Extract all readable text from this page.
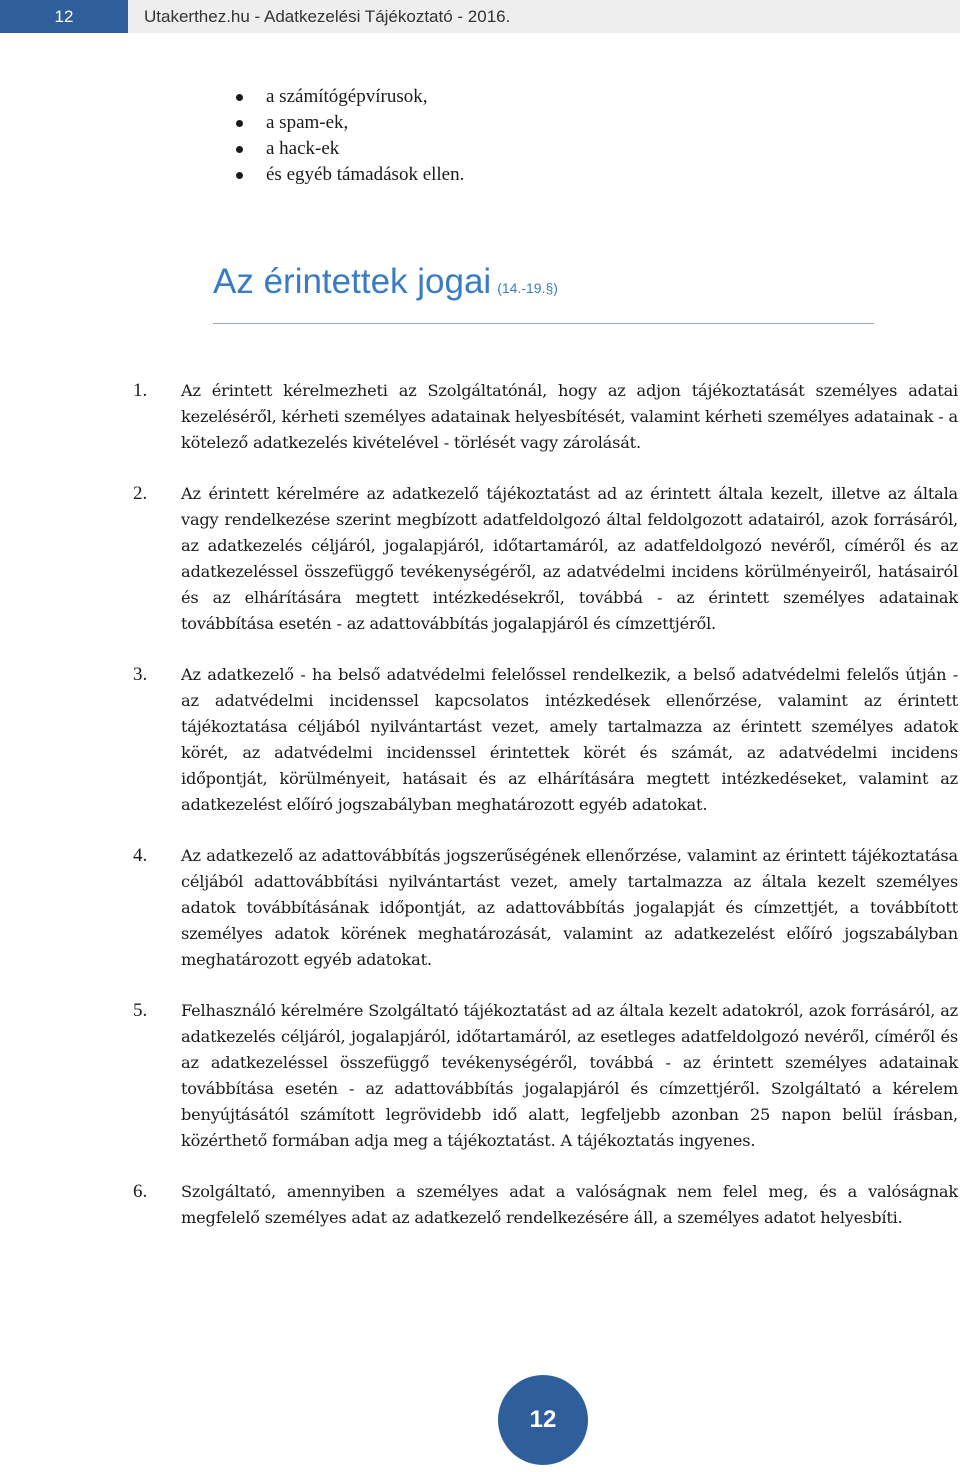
12	Utakerthez.hu - Adatkezelési Tájékoztató - 2016.
a számítógépvírusok,
a spam-ek,
a hack-ek
és egyéb támadások ellen.
Az érintettek jogai (14.-19.§)
1.	Az érintett kérelmezheti az Szolgáltatónál, hogy az adjon tájékoztatását személyes adatai kezeléséről, kérheti személyes adatainak helyesbítését, valamint kérheti személyes adatainak - a kötelező adatkezelés kivételével - törlését vagy zárolását.
2.	Az érintett kérelmére az adatkezelő tájékoztatást ad az érintett általa kezelt, illetve az általa vagy rendelkezése szerint megbízott adatfeldolgozó által feldolgozott adatairól, azok forrásáról, az adatkezelés céljáról, jogalapjáról, időtartamáról, az adatfeldolgozó nevéről, címéről és az adatkezeléssel összefüggő tevékenységéről, az adatvédelmi incidens körülményeiről, hatásairól és az elhárítására megtett intézkedésekről, továbbá - az érintett személyes adatainak továbbítása esetén - az adattovábbítás jogalapjáról és címzettjéről.
3.	Az adatkezelő - ha belső adatvédelmi felelőssel rendelkezik, a belső adatvédelmi felelős útján - az adatvédelmi incidenssel kapcsolatos intézkedések ellenőrzése, valamint az érintett tájékoztatása céljából nyilvántartást vezet, amely tartalmazza az érintett személyes adatok körét, az adatvédelmi incidenssel érintettek körét és számát, az adatvédelmi incidens időpontját, körülményeit, hatásait és az elhárítására megtett intézkedéseket, valamint az adatkezelést előíró jogszabályban meghatározott egyéb adatokat.
4.	Az adatkezelő az adattovábbítás jogszerűségének ellenőrzése, valamint az érintett tájékoztatása céljából adattovábbítási nyilvántartást vezet, amely tartalmazza az általa kezelt személyes adatok továbbításának időpontját, az adattovábbítás jogalapját és címzettjét, a továbbított személyes adatok körének meghatározását, valamint az adatkezelést előíró jogszabályban meghatározott egyéb adatokat.
5.	Felhasználó kérelmére Szolgáltató tájékoztatást ad az általa kezelt adatokról, azok forrásáról, az adatkezelés céljáról, jogalapjáról, időtartamáról, az esetleges adatfeldolgozó nevéről, címéről és az adatkezeléssel összefüggő tevékenységéről, továbbá - az érintett személyes adatainak továbbítása esetén - az adattovábbítás jogalapjáról és címzettjéről. Szolgáltató a kérelem benyújtásától számított legrövidebb idő alatt, legfeljebb azonban 25 napon belül írásban, közérthető formában adja meg a tájékoztatást. A tájékoztatás ingyenes.
6.	Szolgáltató, amennyiben a személyes adat a valóságnak nem felel meg, és a valóságnak megfelelő személyes adat az adatkezelő rendelkezésére áll, a személyes adatot helyesbíti.
12
